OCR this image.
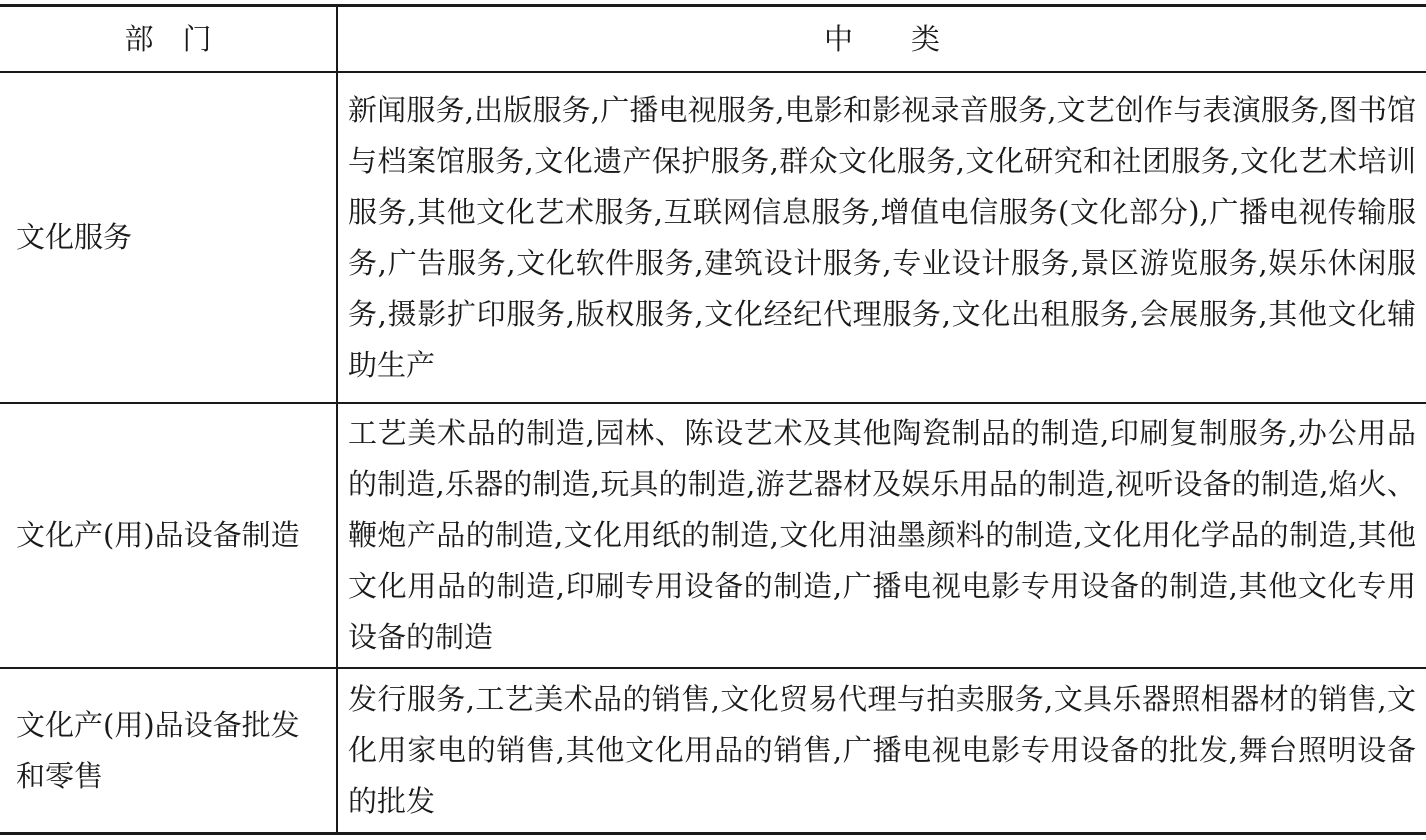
部　门	中　　类
文化服务
新闻服务,出版服务,广播电视服务,电影和影视录音服务,文艺创作与表演服务,图书馆与档案馆服务,文化遗产保护服务,群众文化服务,文化研究和社团服务,文化艺术培训服务,其他文化艺术服务,互联网信息服务,增值电信服务(文化部分),广播电视传输服务,广告服务,文化软件服务,建筑设计服务,专业设计服务,景区游览服务,娱乐休闲服务,摄影扩印服务,版权服务,文化经纪代理服务,文化出租服务,会展服务,其他文化辅助生产
文化产(用)品设备制造
工艺美术品的制造,园林、陈设艺术及其他陶瓷制品的制造,印刷复制服务,办公用品的制造,乐器的制造,玩具的制造,游艺器材及娱乐用品的制造,视听设备的制造,焰火、鞭炮产品的制造,文化用纸的制造,文化用油墨颜料的制造,文化用化学品的制造,其他文化用品的制造,印刷专用设备的制造,广播电视电影专用设备的制造,其他文化专用设备的制造
文化产(用)品设备批发和零售
发行服务,工艺美术品的销售,文化贸易代理与拍卖服务,文具乐器照相器材的销售,文化用家电的销售,其他文化用品的销售,广播电视电影专用设备的批发,舞台照明设备的批发
